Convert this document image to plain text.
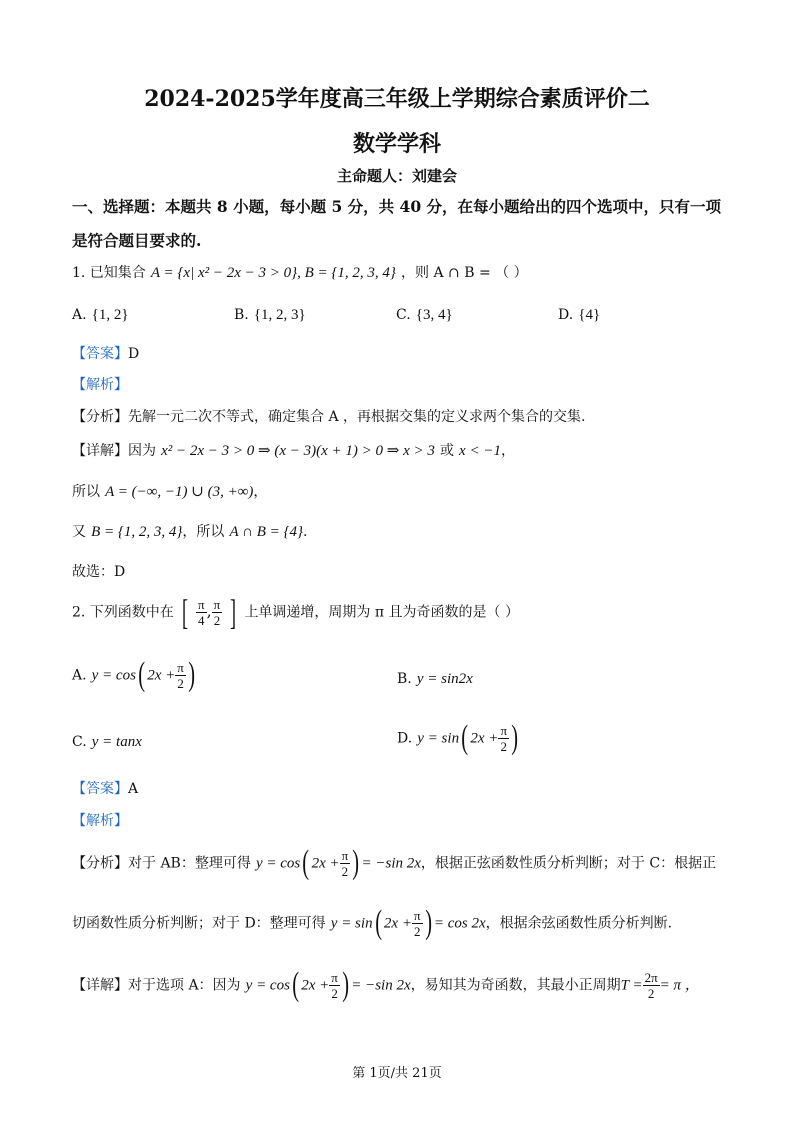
2024-2025学年度高三年级上学期综合素质评价二
数学学科
主命题人：刘建会
一、选择题：本题共 8 小题，每小题 5 分，共 40 分，在每小题给出的四个选项中，只有一项
是符合题目要求的.
1. 已知集合 A = {x| x² − 2x − 3 > 0}, B = {1, 2, 3, 4} ，则 A ∩ B = （ ）
A. {1, 2}	B. {1, 2, 3}	C. {3, 4}	D. {4}
【答案】D
【解析】
【分析】先解一元二次不等式，确定集合 A ，再根据交集的定义求两个集合的交集.
【详解】因为 x² − 2x − 3 > 0 ⇒ (x − 3)(x + 1) > 0 ⇒ x > 3 或 x < −1，
所以 A = (−∞, −1) ∪ (3, +∞)，
又 B = {1, 2, 3, 4}，所以 A ∩ B = {4}.
故选：D
2. 下列函数中在 [ $\frac{\pi}{4}$ , $\frac{\pi}{2}$ ] 上单调递增，周期为 π 且为奇函数的是（ ）
A. y = cos( $2x + \frac{\pi}{2}$ )	B. y = sin2x
C. y = tanx	D. y = sin( $2x + \frac{\pi}{2}$ )
【答案】A
【解析】
【分析】对于 AB：整理可得 y = cos( $2x + \frac{\pi}{2}$ ) = −sin 2x，根据正弦函数性质分析判断；对于 C：根据正
切函数性质分析判断；对于 D：整理可得 y = sin( $2x + \frac{\pi}{2}$ ) = cos 2x，根据余弦函数性质分析判断.
【详解】对于选项 A：因为 y = cos( $2x + \frac{\pi}{2}$ ) = −sin 2x，易知其为奇函数，其最小正周期$T = \frac{2\pi}{2} = \pi$ ，
第 1页/共 21页
